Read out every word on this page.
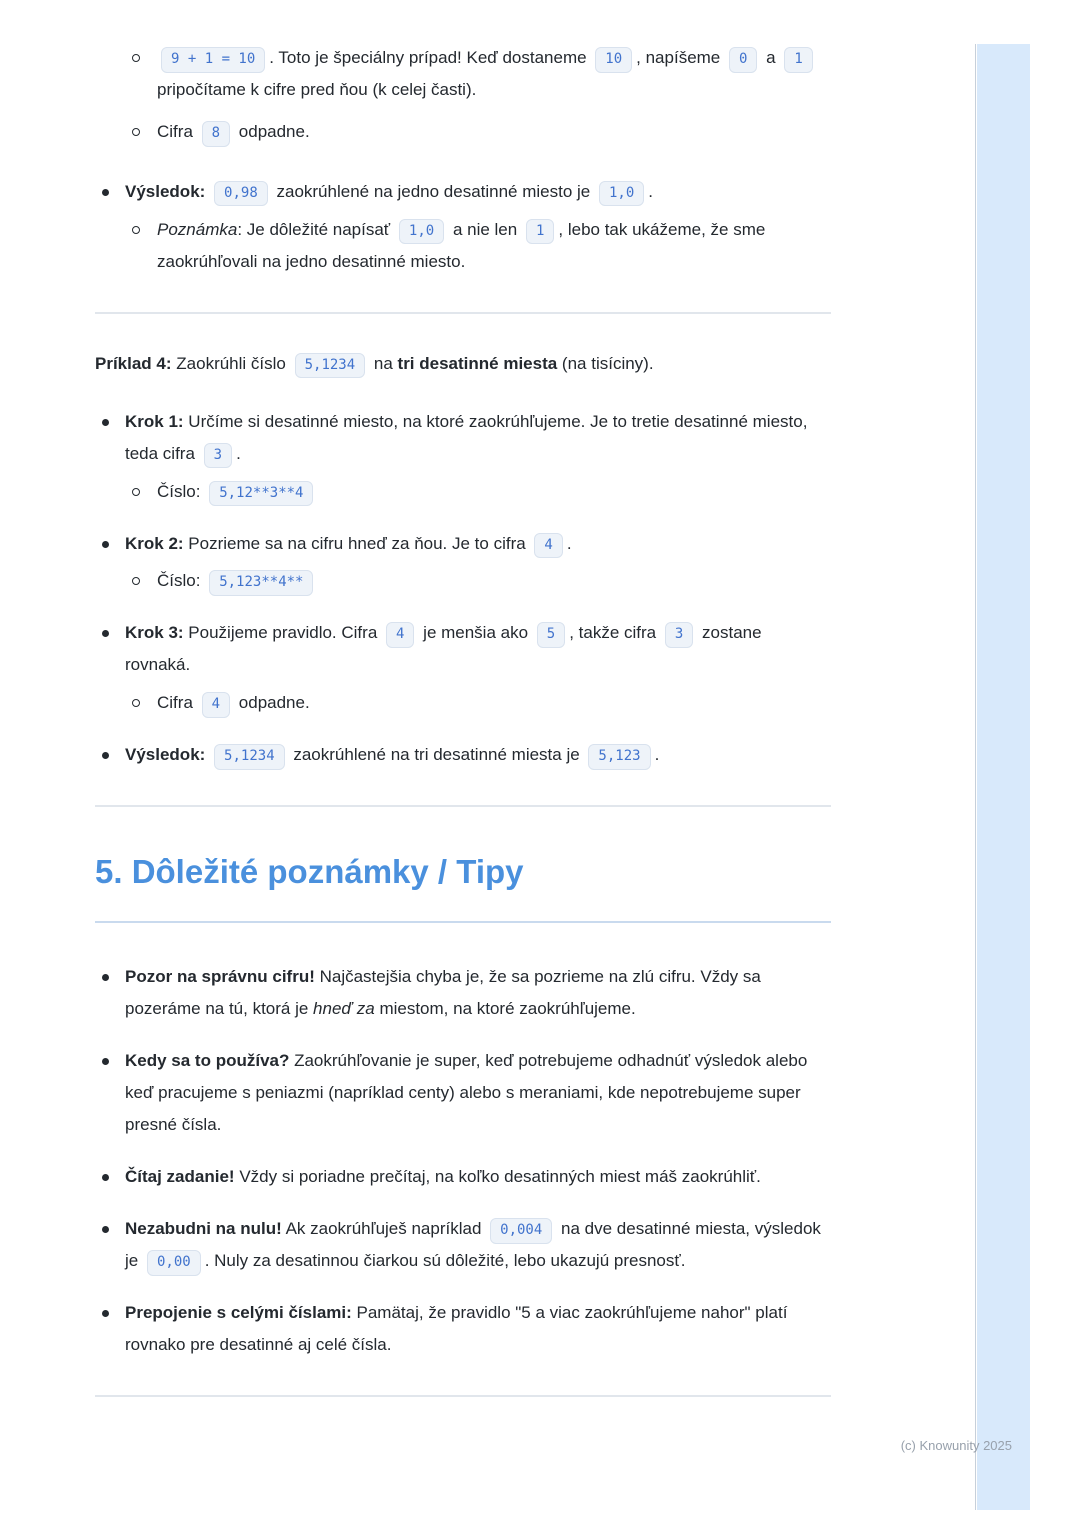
9 + 1 = 10 . Toto je špeciálny prípad! Keď dostaneme 10 , napíšeme 0 a 1 pripočítame k cifre pred ňou (k celej časti).
Cifra 8 odpadne.
Výsledok: 0,98 zaokrúhlené na jedno desatinné miesto je 1,0 .
Poznámka: Je dôležité napísať 1,0 a nie len 1 , lebo tak ukážeme, že sme zaokrúhľovali na jedno desatinné miesto.

Príklad 4: Zaokrúhli číslo 5,1234 na tri desatinné miesta (na tisíciny).

Krok 1: Určíme si desatinné miesto, na ktoré zaokrúhľujeme. Je to tretie desatinné miesto, teda cifra 3 .
Číslo: 5,12**3**4
Krok 2: Pozrieme sa na cifru hneď za ňou. Je to cifra 4 .
Číslo: 5,123**4**
Krok 3: Použijeme pravidlo. Cifra 4 je menšia ako 5 , takže cifra 3 zostane rovnaká.
Cifra 4 odpadne.
Výsledok: 5,1234 zaokrúhlené na tri desatinné miesta je 5,123 .
5. Dôležité poznámky / Tipy
Pozor na správnu cifru! Najčastejšia chyba je, že sa pozrieme na zlú cifru. Vždy sa pozeráme na tú, ktorá je hneď za miestom, na ktoré zaokrúhľujeme.
Kedy sa to používa? Zaokrúhľovanie je super, keď potrebujeme odhadnúť výsledok alebo keď pracujeme s peniazmi (napríklad centy) alebo s meraniami, kde nepotrebujeme super presné čísla.
Čítaj zadanie! Vždy si poriadne prečítaj, na koľko desatinných miest máš zaokrúhliť.
Nezabudni na nulu! Ak zaokrúhľuješ napríklad 0,004 na dve desatinné miesta, výsledok je 0,00 . Nuly za desatinnou čiarkou sú dôležité, lebo ukazujú presnosť.
Prepojenie s celými číslami: Pamätaj, že pravidlo "5 a viac zaokrúhľujeme nahor" platí rovnako pre desatinné aj celé čísla.
(c) Knowunity 2025
